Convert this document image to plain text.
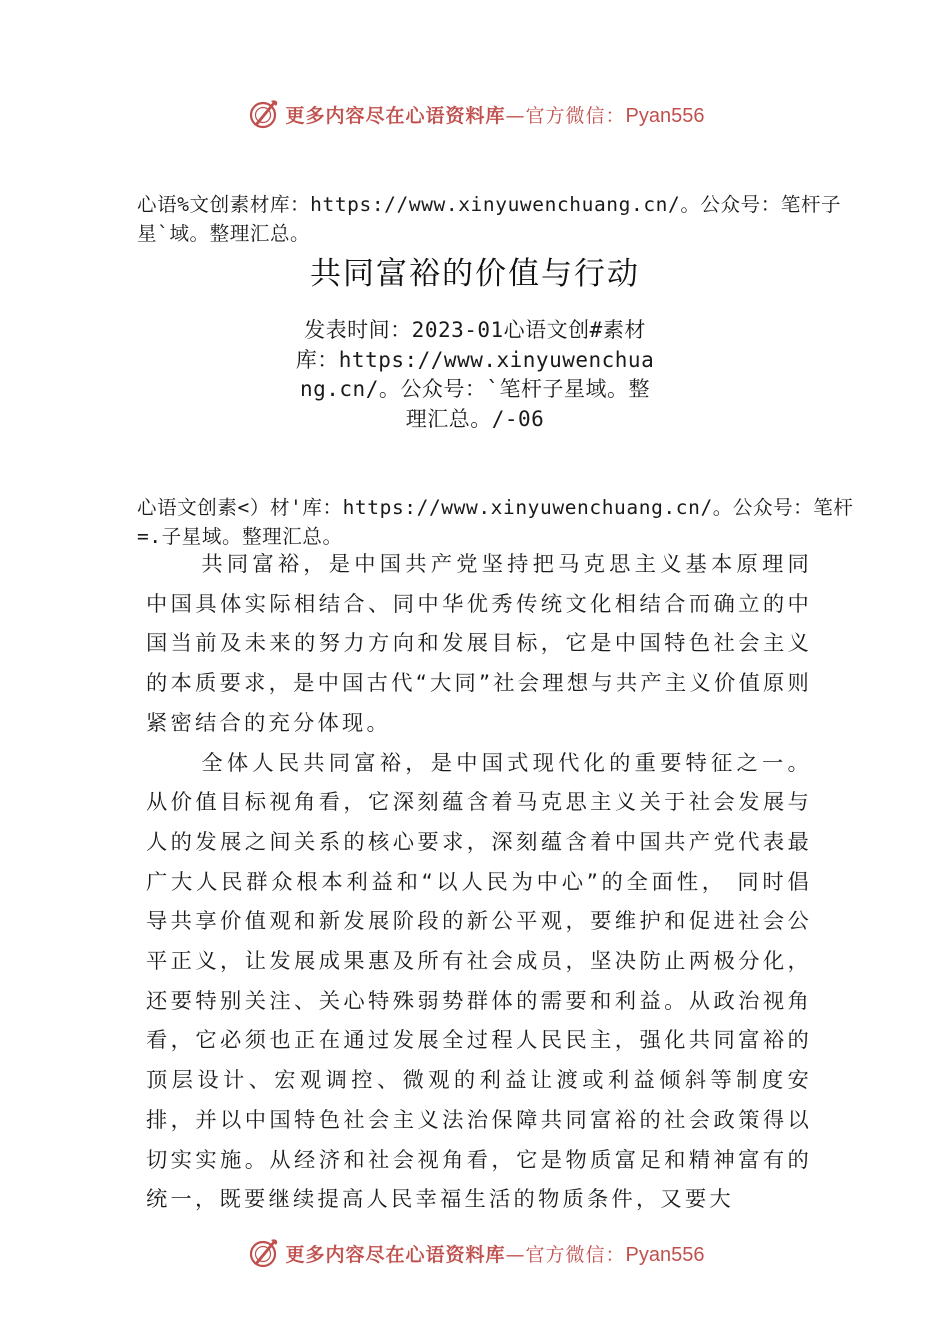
更多内容尽在心语资料库—官方微信：Pyan556
心语%文创素材库：https://www.xinyuwenchuang.cn/。公众号：笔杆子星`域。整理汇总。
共同富裕的价值与行动
发表时间：2023-01心语文创#素材库：https://www.xinyuwenchuang.cn/。公众号：`笔杆子星域。整理汇总。/-06
心语文创素<）材'库：https://www.xinyuwenchuang.cn/。公众号：笔杆=.子星域。整理汇总。

共同富裕，是中国共产党坚持把马克思主义基本原理同中国具体实际相结合、同中华优秀传统文化相结合而确立的中国当前及未来的努力方向和发展目标，它是中国特色社会主义的本质要求，是中国古代“大同”社会理想与共产主义价值原则紧密结合的充分体现。

全体人民共同富裕，是中国式现代化的重要特征之一。从价值目标视角看，它深刻蕴含着马克思主义关于社会发展与人的发展之间关系的核心要求，深刻蕴含着中国共产党代表最广大人民群众根本利益和“以人民为中心”的全面性， 同时倡导共享价值观和新发展阶段的新公平观，要维护和促进社会公平正义，让发展成果惠及所有社会成员，坚决防止两极分化，还要特别关注、关心特殊弱势群体的需要和利益。从政治视角看，它必须也正在通过发展全过程人民民主，强化共同富裕的顶层设计、宏观调控、微观的利益让渡或利益倾斜等制度安排，并以中国特色社会主义法治保障共同富裕的社会政策得以切实实施。从经济和社会视角看，它是物质富足和精神富有的统一，既要继续提高人民幸福生活的物质条件，又要大

更多内容尽在心语资料库—官方微信：Pyan556
